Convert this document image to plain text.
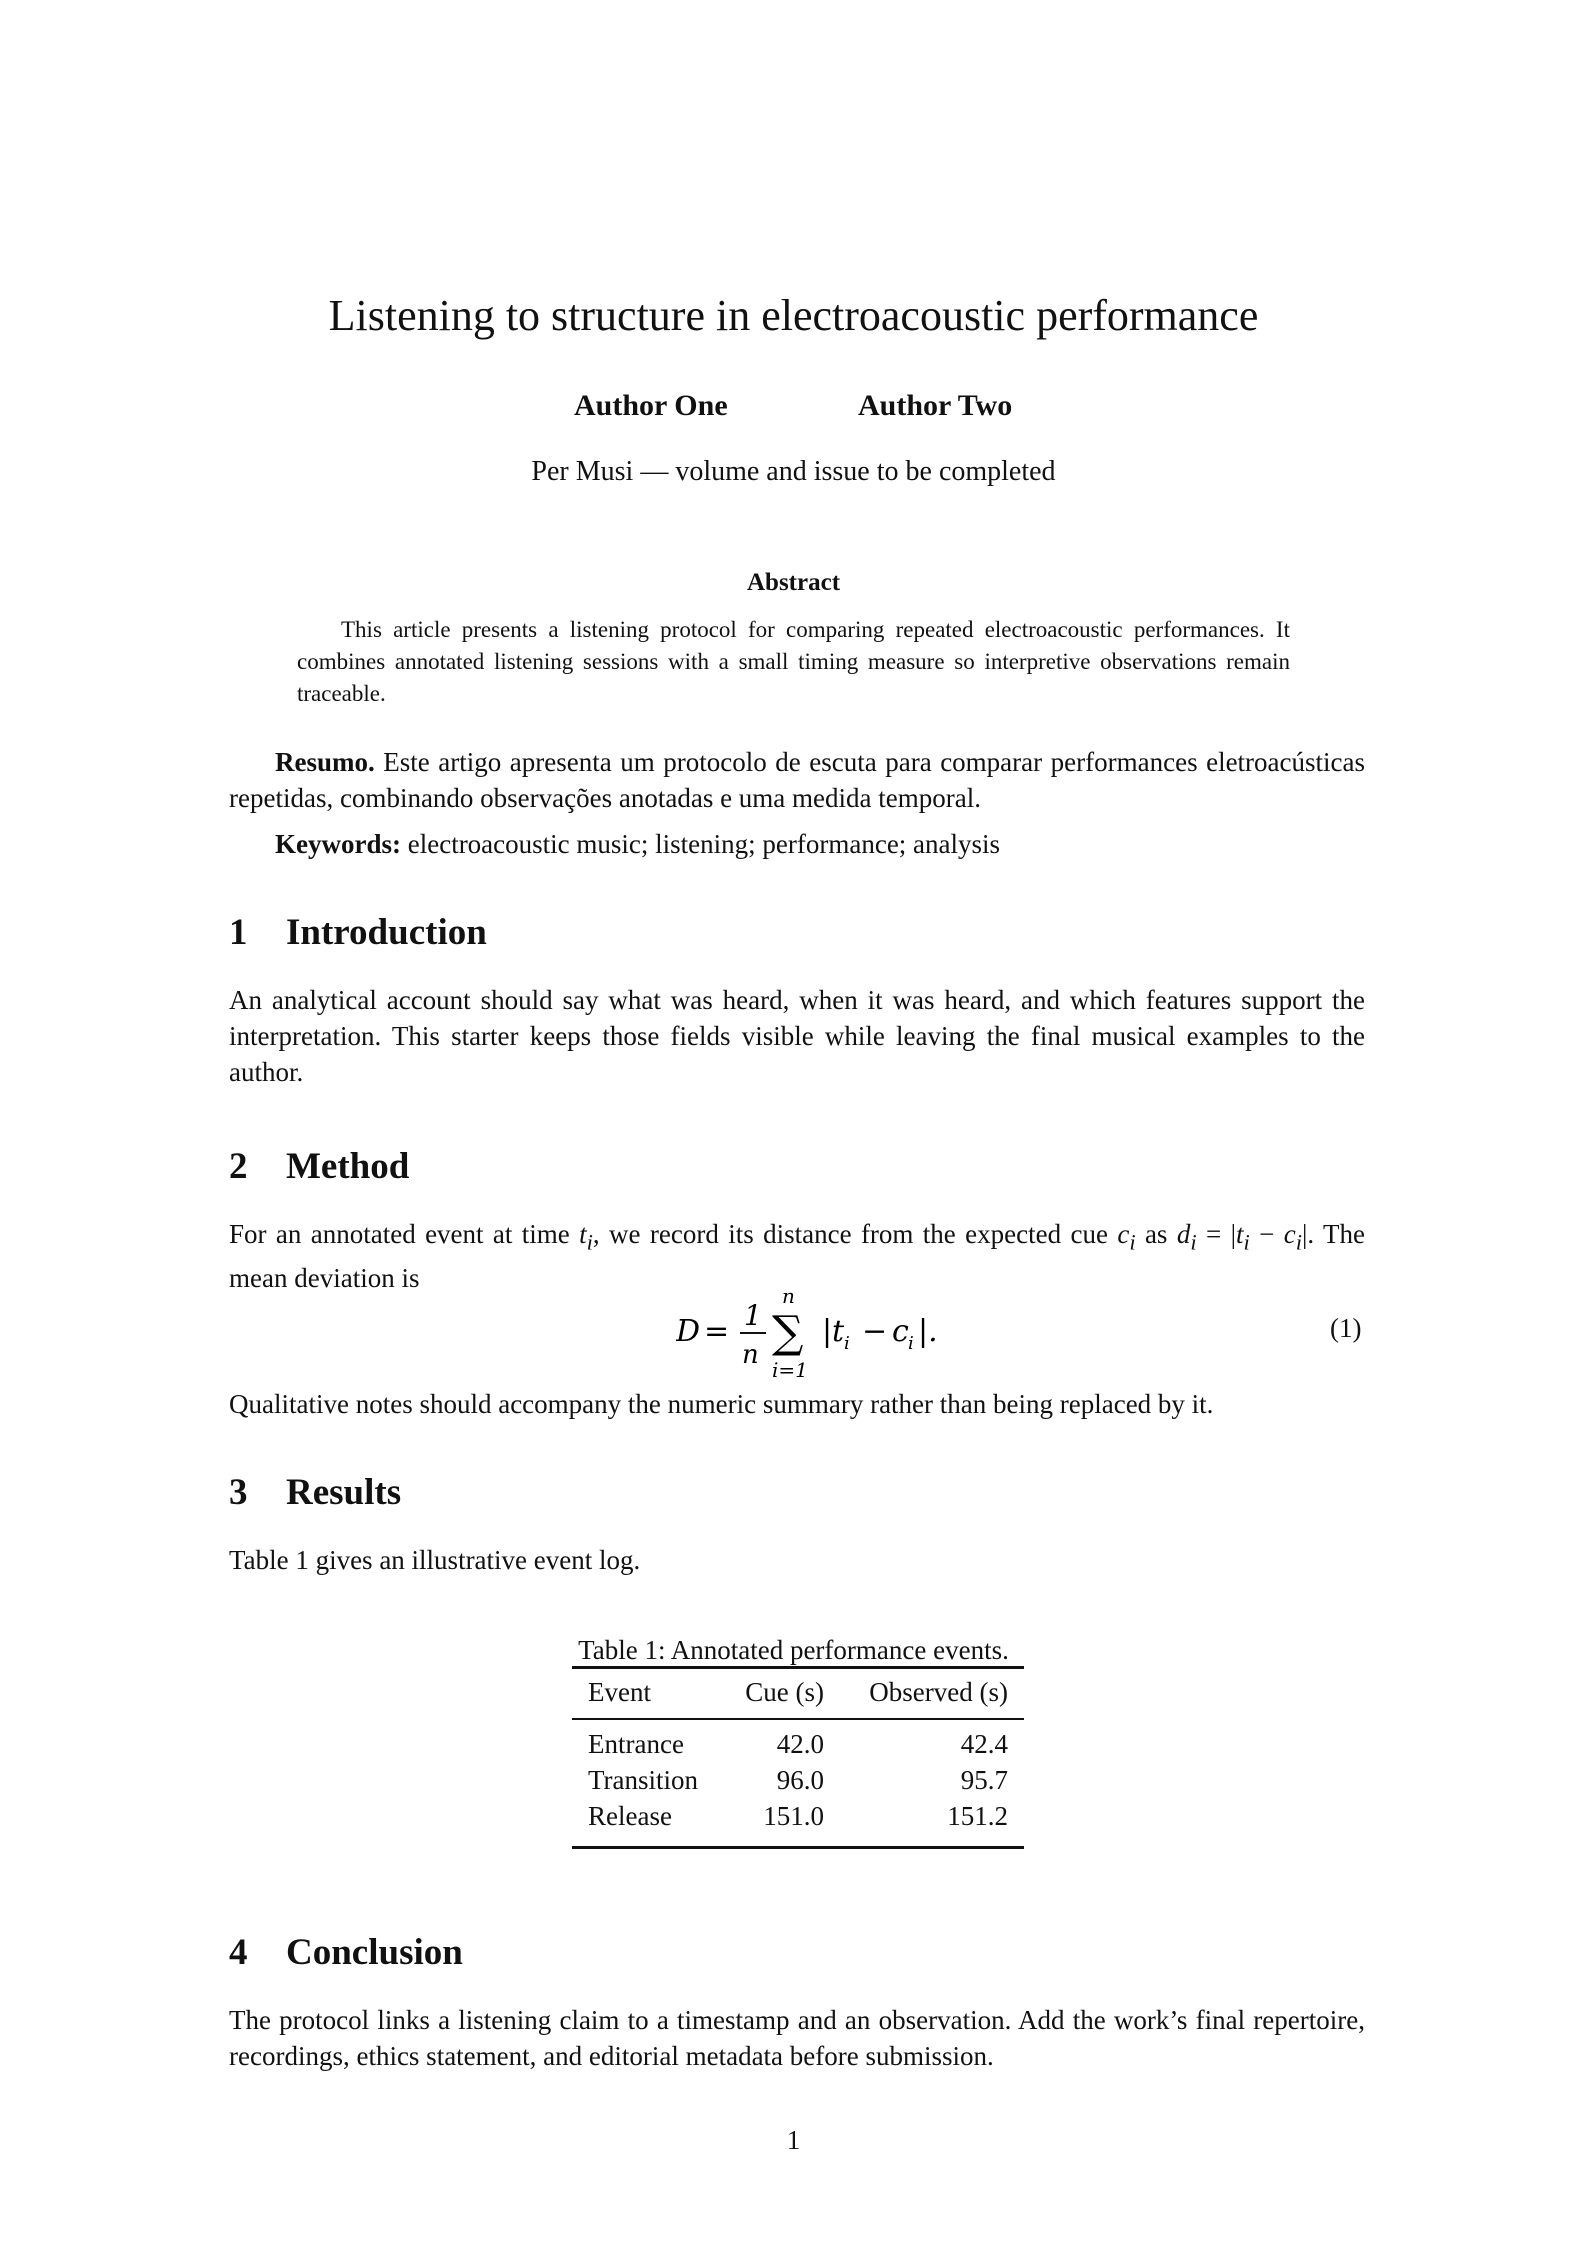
Listening to structure in electroacoustic performance
Author One	Author Two
Per Musi — volume and issue to be completed
Abstract
This article presents a listening protocol for comparing repeated electroacoustic performances. It combines annotated listening sessions with a small timing measure so interpretive observations remain traceable.
Resumo. Este artigo apresenta um protocolo de escuta para comparar performances eletroacústicas repetidas, combinando observações anotadas e uma medida temporal.
Keywords: electroacoustic music; listening; performance; analysis
1 Introduction
An analytical account should say what was heard, when it was heard, and which features support the interpretation. This starter keeps those fields visible while leaving the final musical examples to the author.
2 Method
For an annotated event at time $t_i$, we record its distance from the expected cue $c_i$ as $d_i = |t_i - c_i|$. The mean deviation is
D = 1
n
n
∑
i=1
| t i − c i |.	(1)
Qualitative notes should accompany the numeric summary rather than being replaced by it.
3 Results
Table 1 gives an illustrative event log.
Table 1: Annotated performance events.
Event	Cue (s)	Observed (s)
Entrance	42.0	42.4
Transition	96.0	95.7
Release	151.0	151.2
4 Conclusion
The protocol links a listening claim to a timestamp and an observation. Add the work’s final repertoire, recordings, ethics statement, and editorial metadata before submission.
1
